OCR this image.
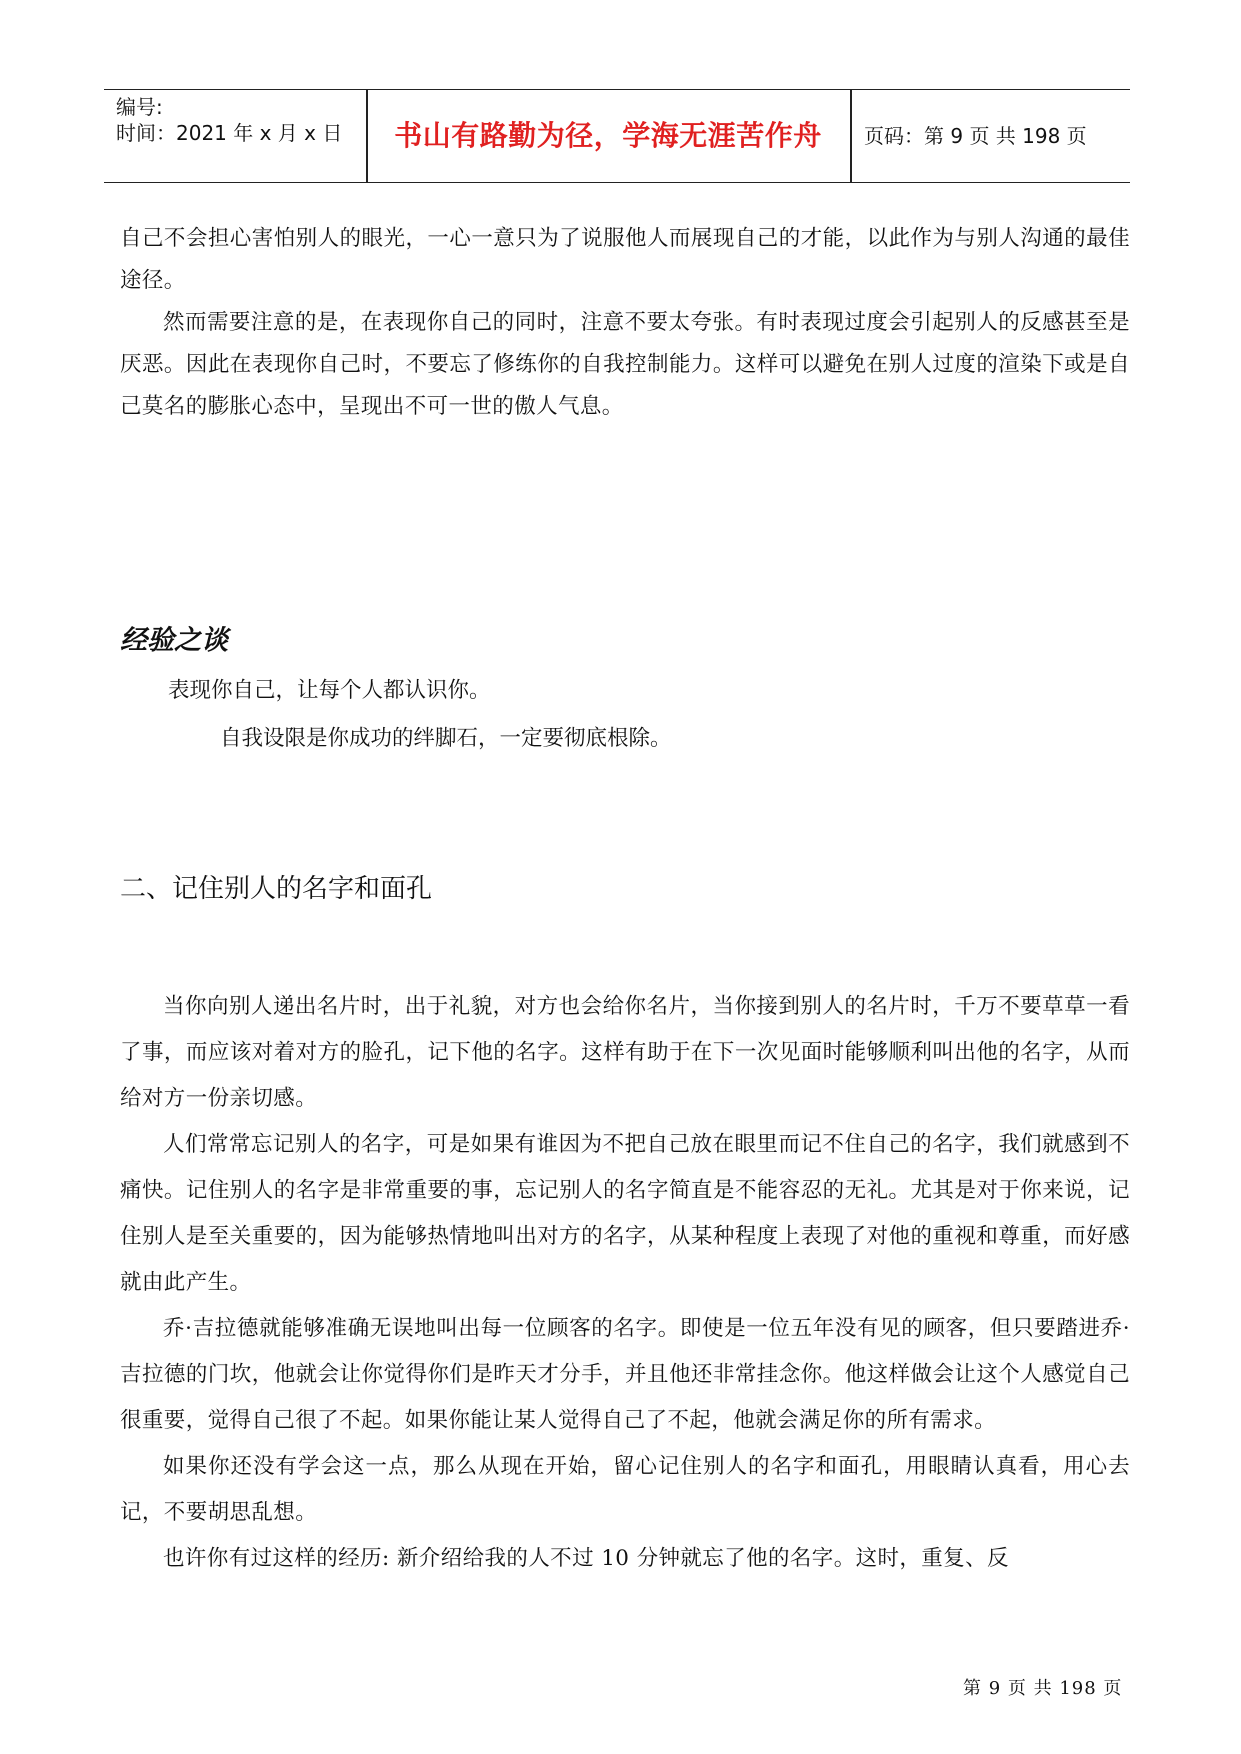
编号:
时间：2021 年 x 月 x 日	书山有路勤为径，学海无涯苦作舟	页码：第 9 页 共 198 页

自己不会担心害怕别人的眼光，一心一意只为了说服他人而展现自己的才能，以此作为与别人沟通的最佳途径。

然而需要注意的是，在表现你自己的同时，注意不要太夸张。有时表现过度会引起别人的反感甚至是厌恶。因此在表现你自己时，不要忘了修练你的自我控制能力。这样可以避免在别人过度的渲染下或是自己莫名的膨胀心态中，呈现出不可一世的傲人气息。

经验之谈
表现你自己，让每个人都认识你。
自我设限是你成功的绊脚石，一定要彻底根除。
二、记住别人的名字和面孔

当你向别人递出名片时，出于礼貌，对方也会给你名片，当你接到别人的名片时，千万不要草草一看了事，而应该对着对方的脸孔，记下他的名字。这样有助于在下一次见面时能够顺利叫出他的名字，从而给对方一份亲切感。

人们常常忘记别人的名字，可是如果有谁因为不把自己放在眼里而记不住自己的名字，我们就感到不痛快。记住别人的名字是非常重要的事，忘记别人的名字简直是不能容忍的无礼。尤其是对于你来说，记住别人是至关重要的，因为能够热情地叫出对方的名字，从某种程度上表现了对他的重视和尊重，而好感就由此产生。

乔·吉拉德就能够准确无误地叫出每一位顾客的名字。即使是一位五年没有见的顾客，但只要踏进乔·吉拉德的门坎，他就会让你觉得你们是昨天才分手，并且他还非常挂念你。他这样做会让这个人感觉自己很重要，觉得自己很了不起。如果你能让某人觉得自己了不起，他就会满足你的所有需求。

如果你还没有学会这一点，那么从现在开始，留心记住别人的名字和面孔，用眼睛认真看，用心去记，不要胡思乱想。

也许你有过这样的经历: 新介绍给我的人不过 10 分钟就忘了他的名字。这时，重复、反

第 9 页 共 198 页
